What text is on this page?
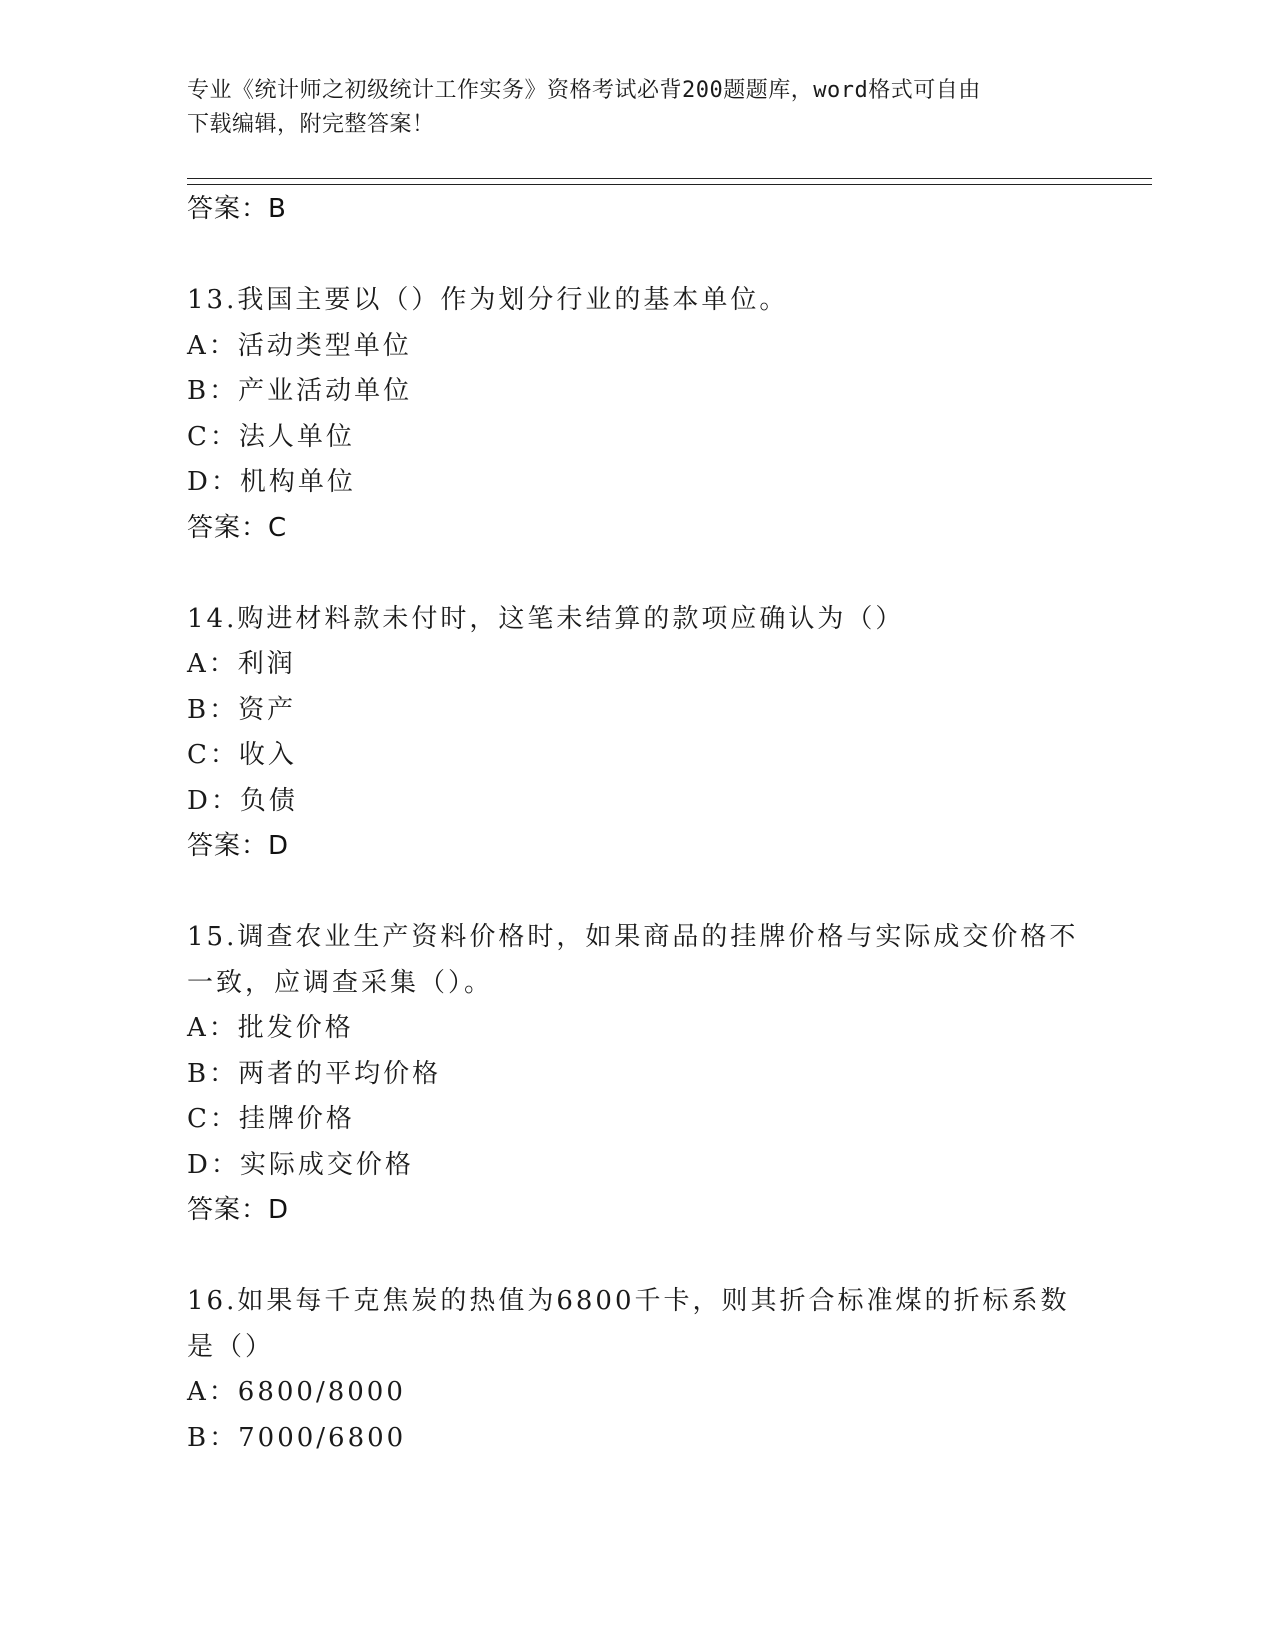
专业《统计师之初级统计工作实务》资格考试必背200题题库，word格式可自由
下载编辑，附完整答案！
答案：B
13.我国主要以（）作为划分行业的基本单位。
A：活动类型单位
B：产业活动单位
C：法人单位
D：机构单位
答案：C
14.购进材料款未付时，这笔未结算的款项应确认为（）
A：利润
B：资产
C：收入
D：负债
答案：D
15.调查农业生产资料价格时，如果商品的挂牌价格与实际成交价格不
一致，应调查采集（）。
A：批发价格
B：两者的平均价格
C：挂牌价格
D：实际成交价格
答案：D
16.如果每千克焦炭的热值为6800千卡，则其折合标准煤的折标系数
是（）
A：6800/8000
B：7000/6800
